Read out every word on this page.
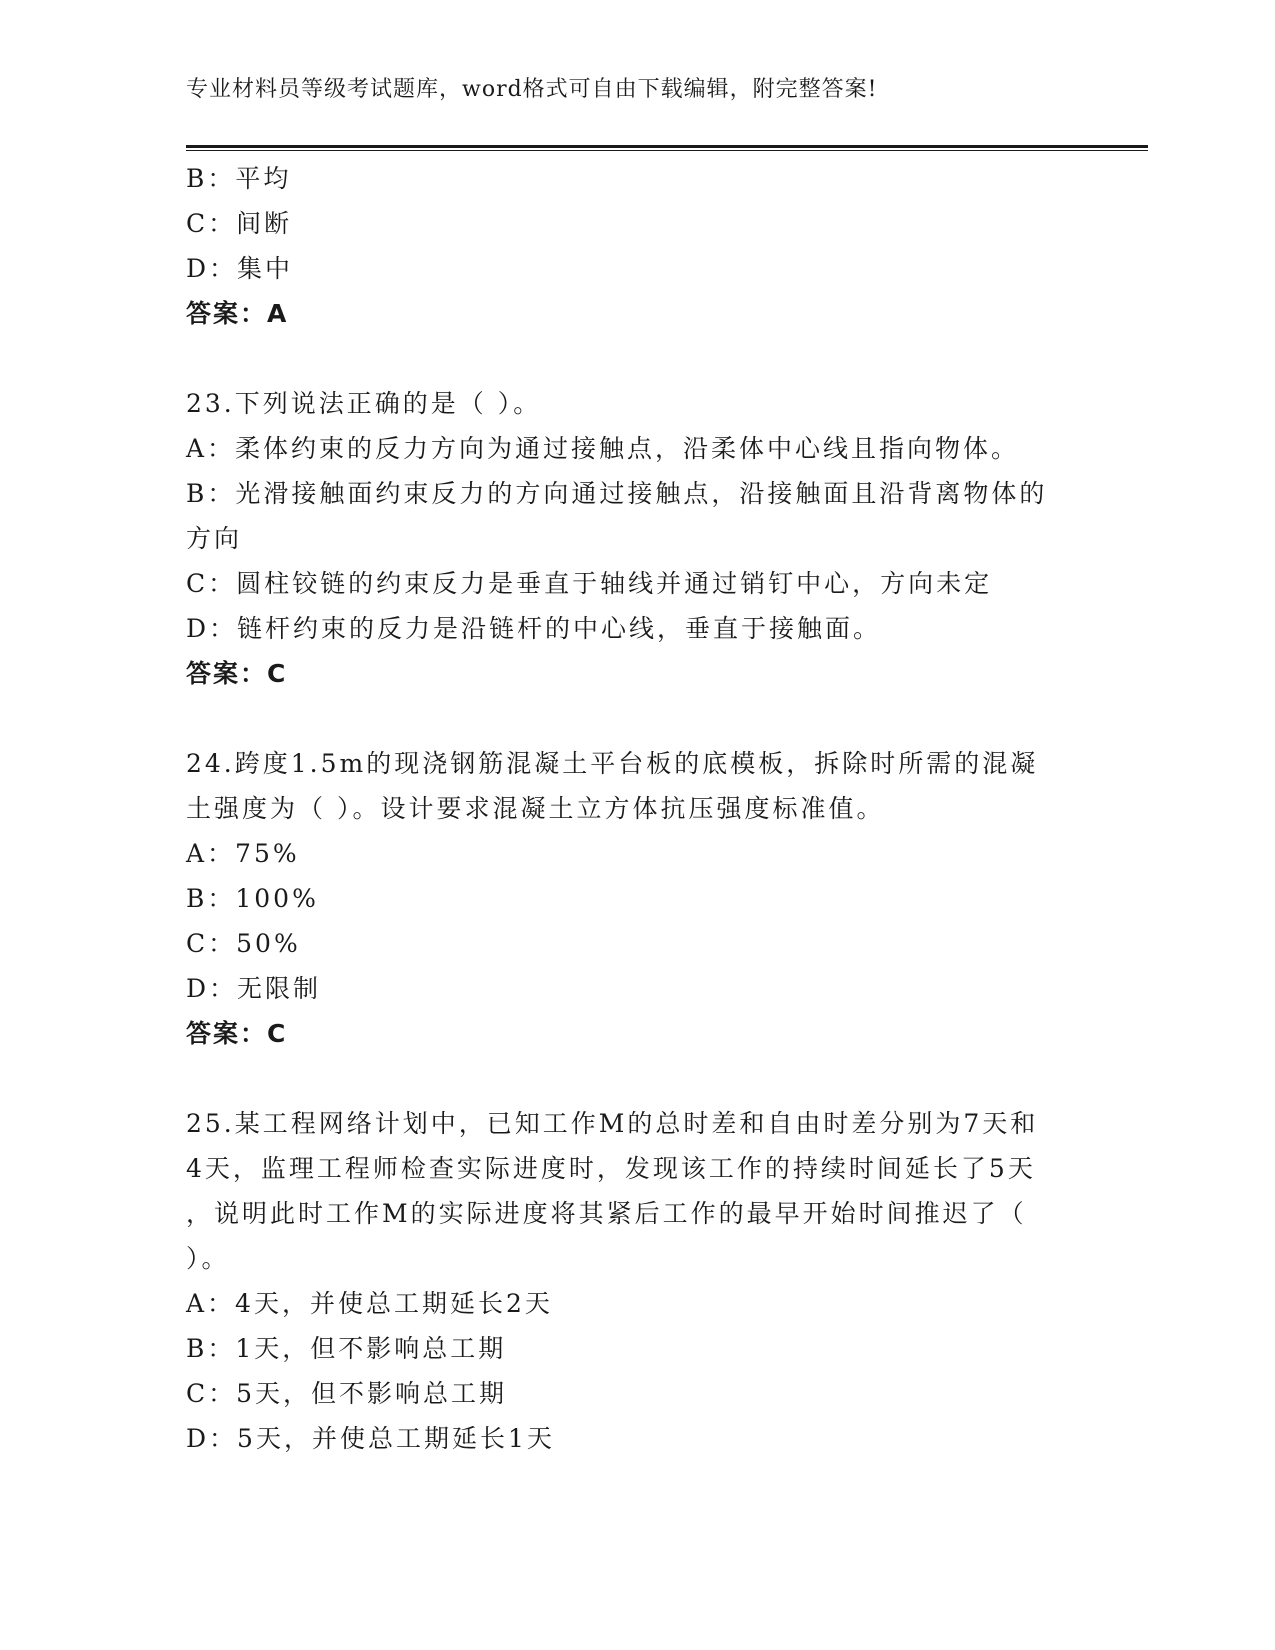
专业材料员等级考试题库，word格式可自由下载编辑，附完整答案!
B：平均
C：间断
D：集中
答案：A
23.下列说法正确的是（ ）。
A：柔体约束的反力方向为通过接触点，沿柔体中心线且指向物体。
B：光滑接触面约束反力的方向通过接触点，沿接触面且沿背离物体的
方向
C：圆柱铰链的约束反力是垂直于轴线并通过销钉中心，方向未定
D：链杆约束的反力是沿链杆的中心线，垂直于接触面。
答案：C
24.跨度1.5m的现浇钢筋混凝土平台板的底模板，拆除时所需的混凝
土强度为（ ）。设计要求混凝土立方体抗压强度标准值。
A：75%
B：100%
C：50%
D：无限制
答案：C
25.某工程网络计划中，已知工作M的总时差和自由时差分别为7天和
4天，监理工程师检查实际进度时，发现该工作的持续时间延长了5天
，说明此时工作M的实际进度将其紧后工作的最早开始时间推迟了（
）。
A：4天，并使总工期延长2天
B：1天，但不影响总工期
C：5天，但不影响总工期
D：5天，并使总工期延长1天
